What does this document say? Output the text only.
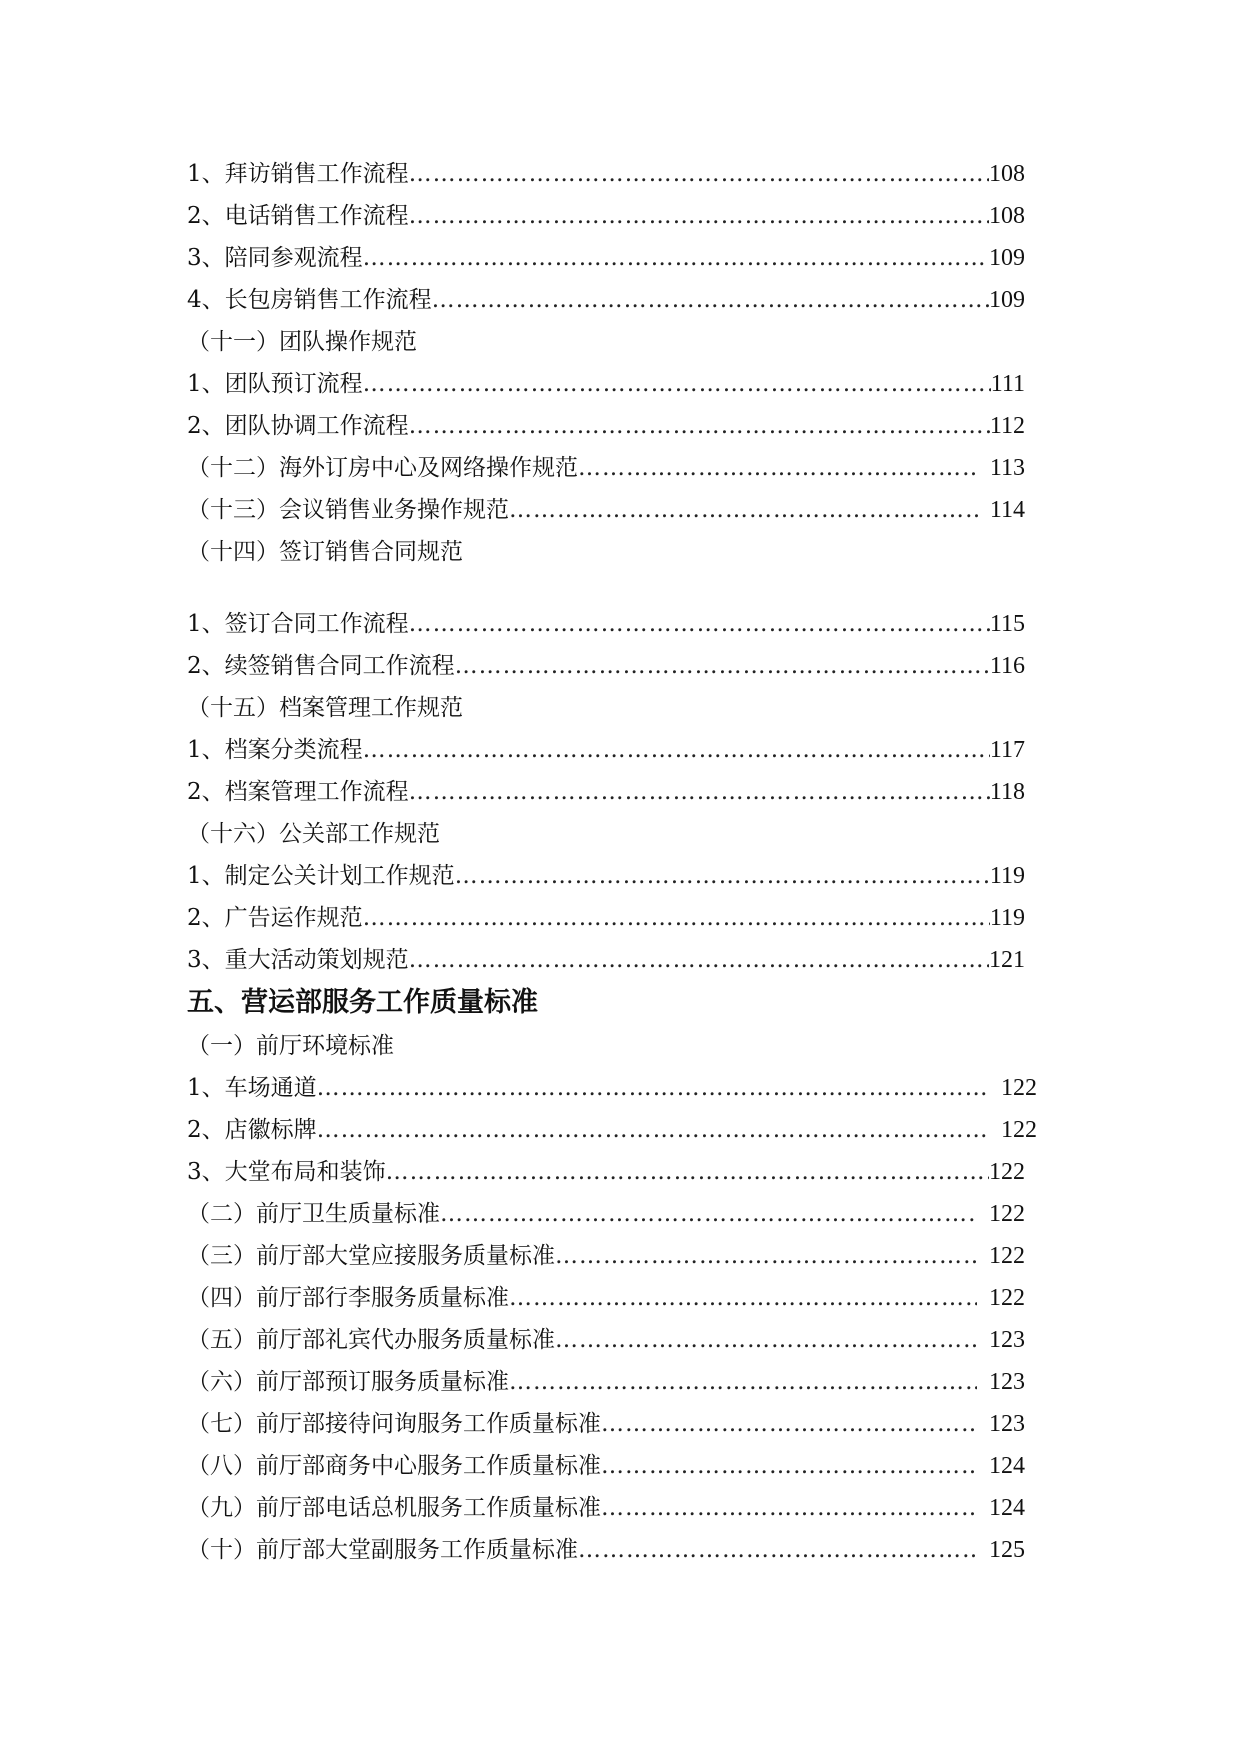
1、拜访销售工作流程 ……………………………………………………………………………………………………………………………………………………………………	108
2、电话销售工作流程 ……………………………………………………………………………………………………………………………………………………………………	108
3、陪同参观流程 ……………………………………………………………………………………………………………………………………………………………………	109
4、长包房销售工作流程 ……………………………………………………………………………………………………………………………………………………………………	109
（十一）团队操作规范
1、团队预订流程 ……………………………………………………………………………………………………………………………………………………………………	111
2、团队协调工作流程 ……………………………………………………………………………………………………………………………………………………………………	112
（十二）海外订房中心及网络操作规范 ……………………………………………………………………………………………………………………………………………………………………	113
（十三）会议销售业务操作规范 ……………………………………………………………………………………………………………………………………………………………………	114
（十四）签订销售合同规范
1、签订合同工作流程 ……………………………………………………………………………………………………………………………………………………………………	115
2、续签销售合同工作流程 ……………………………………………………………………………………………………………………………………………………………………	116
（十五）档案管理工作规范
1、档案分类流程 ……………………………………………………………………………………………………………………………………………………………………	117
2、档案管理工作流程 ……………………………………………………………………………………………………………………………………………………………………	118
（十六）公关部工作规范
1、制定公关计划工作规范 ……………………………………………………………………………………………………………………………………………………………………	119
2、广告运作规范 ……………………………………………………………………………………………………………………………………………………………………	119
3、重大活动策划规范 ……………………………………………………………………………………………………………………………………………………………………	121
五、营运部服务工作质量标准
（一）前厅环境标准
1、车场通道 ……………………………………………………………………………………………………………………………………………………………………	122
2、店徽标牌 ……………………………………………………………………………………………………………………………………………………………………	122
3、大堂布局和装饰 ……………………………………………………………………………………………………………………………………………………………………	122
（二）前厅卫生质量标准 ……………………………………………………………………………………………………………………………………………………………………	122
（三）前厅部大堂应接服务质量标准 ……………………………………………………………………………………………………………………………………………………………………	122
（四）前厅部行李服务质量标准 ……………………………………………………………………………………………………………………………………………………………………	122
（五）前厅部礼宾代办服务质量标准 ……………………………………………………………………………………………………………………………………………………………………	123
（六）前厅部预订服务质量标准 ……………………………………………………………………………………………………………………………………………………………………	123
（七）前厅部接待问询服务工作质量标准 ……………………………………………………………………………………………………………………………………………………………………	123
（八）前厅部商务中心服务工作质量标准 ……………………………………………………………………………………………………………………………………………………………………	124
（九）前厅部电话总机服务工作质量标准 ……………………………………………………………………………………………………………………………………………………………………	124
（十）前厅部大堂副服务工作质量标准 ……………………………………………………………………………………………………………………………………………………………………	125
